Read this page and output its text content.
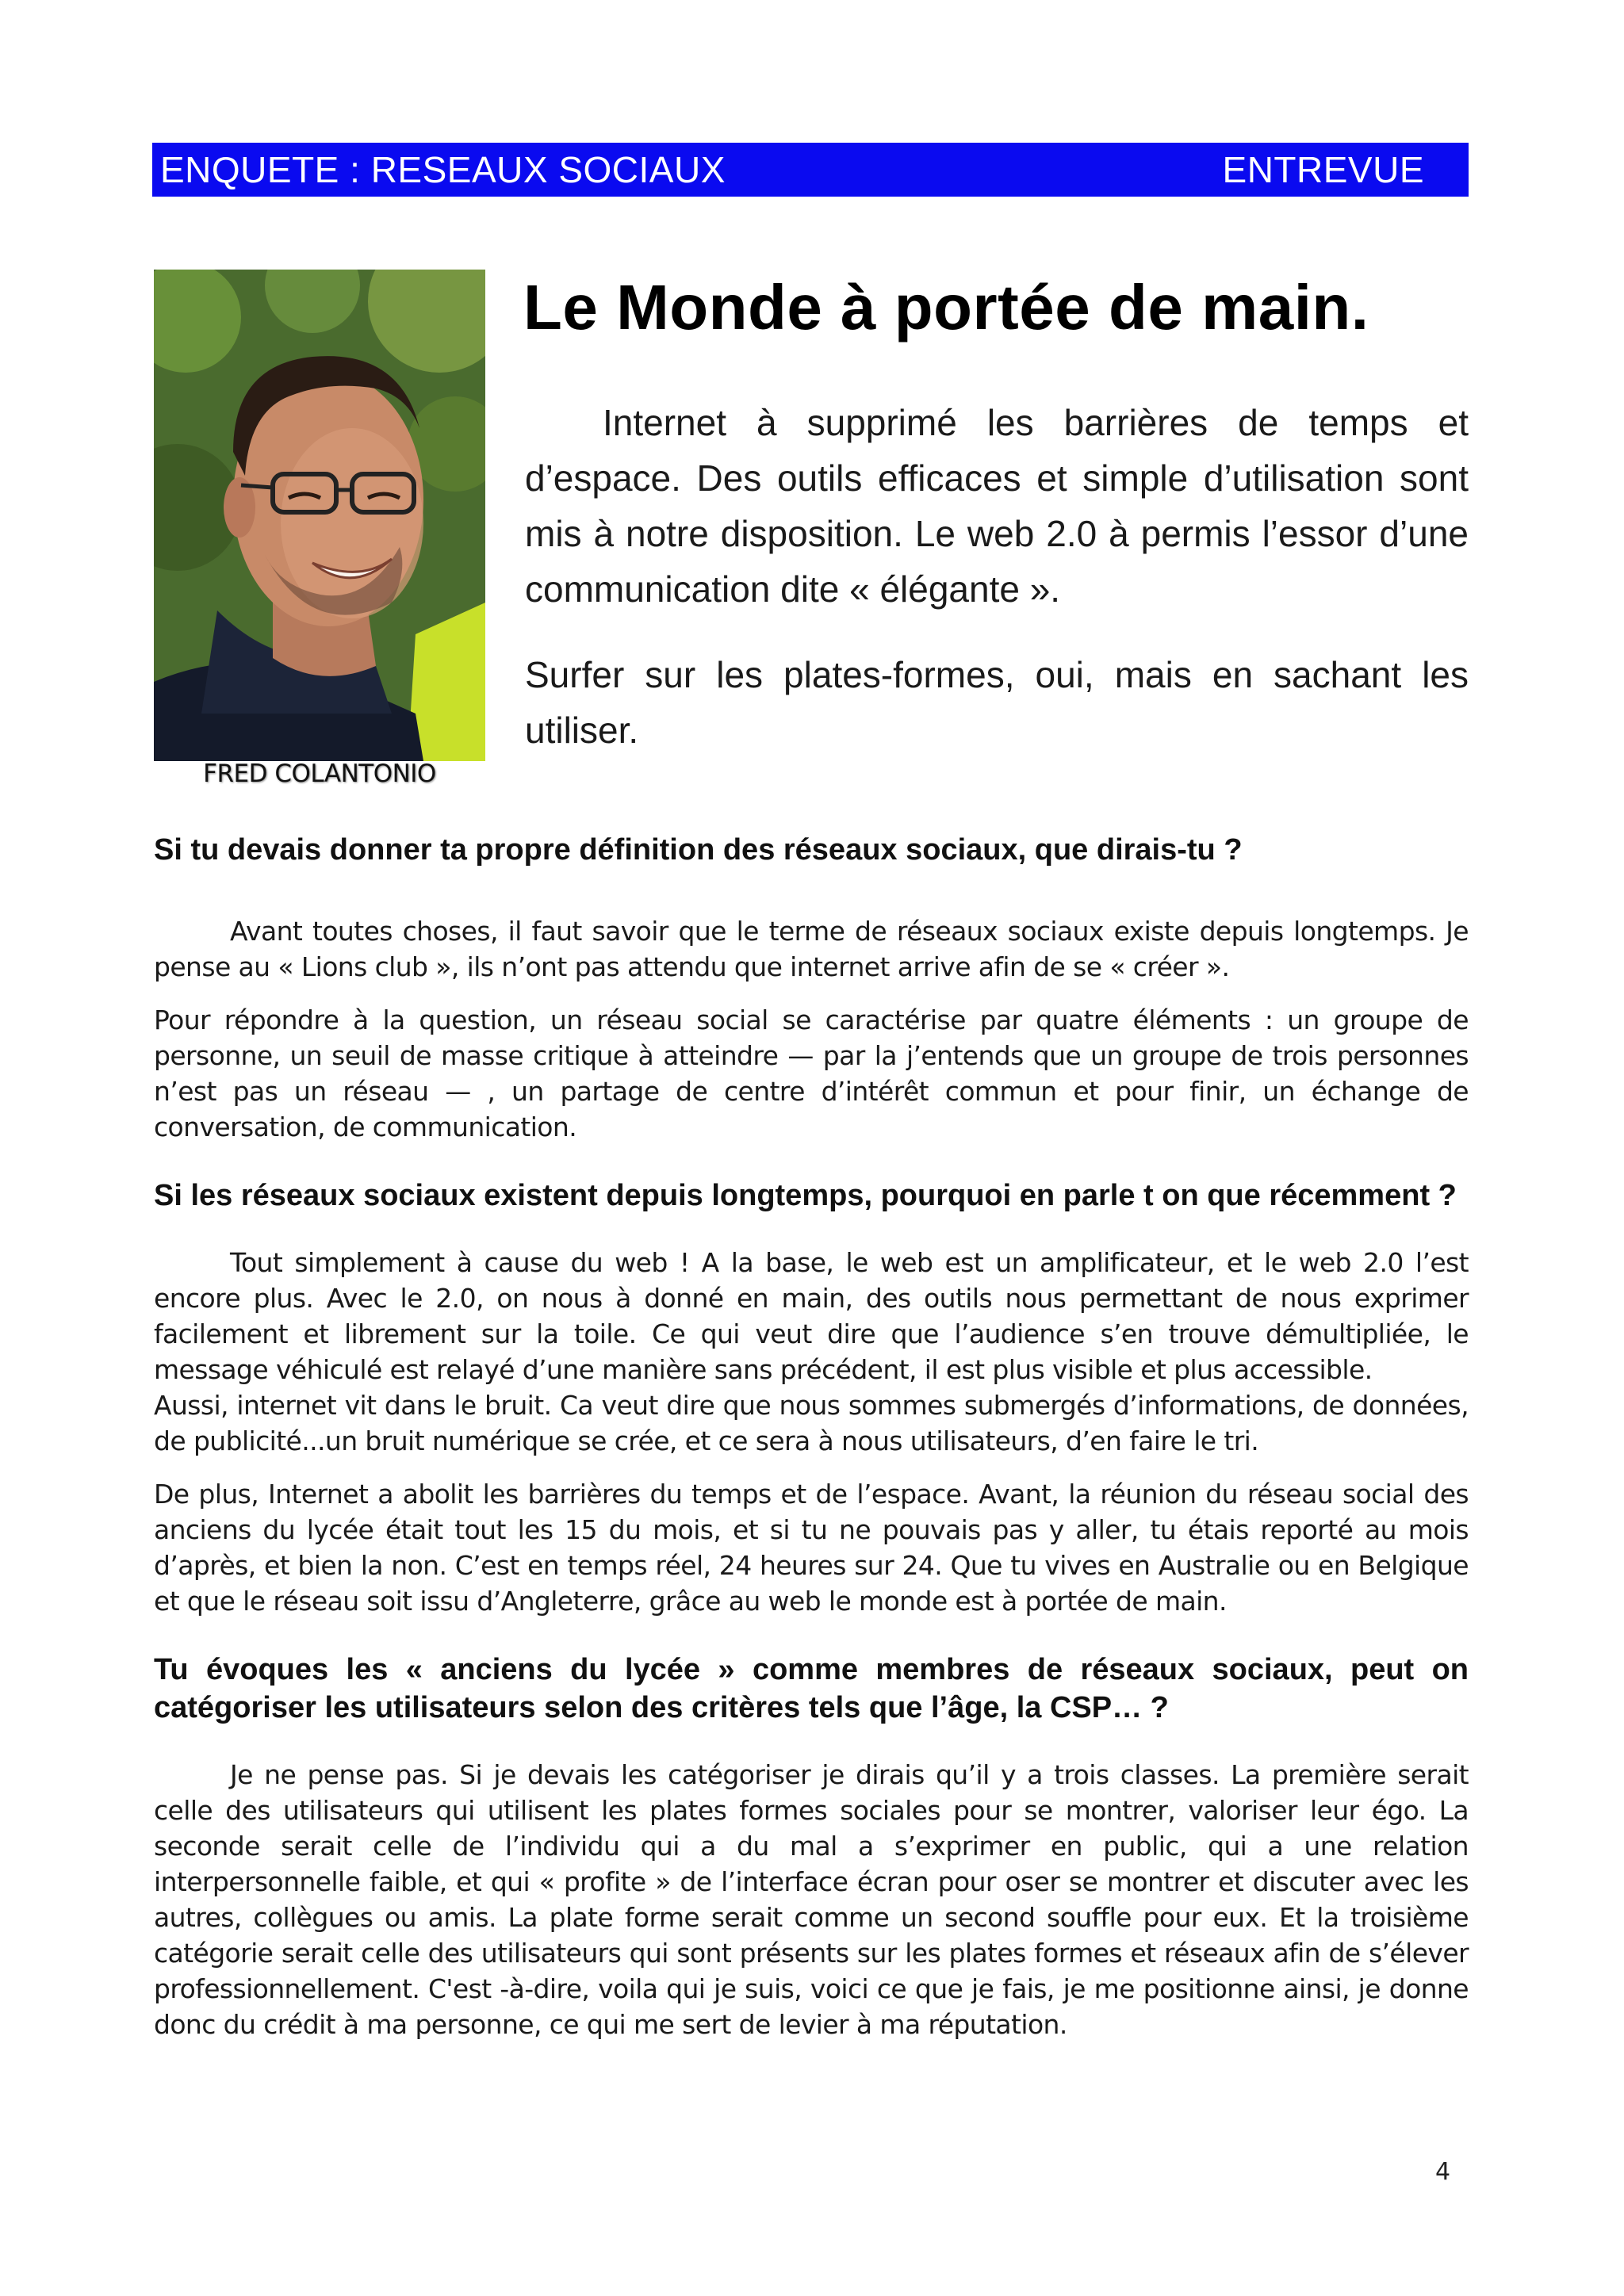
ENQUETE : RESEAUX SOCIAUX	ENTREVUE
FRED COLANTONIO
Le Monde à portée de main.

Internet à supprimé les barrières de temps et d’espace. Des outils efficaces et simple d’utilisation sont mis à notre disposition. Le web 2.0 à permis l’essor d’une communication dite « élégante ».

Surfer sur les plates-formes, oui, mais en sachant les utiliser.

Si tu devais donner ta propre définition des réseaux sociaux, que dirais-tu ?

Avant toutes choses, il faut savoir que le terme de réseaux sociaux existe depuis longtemps. Je pense au « Lions club », ils n’ont pas attendu que internet arrive afin de se « créer ».

Pour répondre à la question, un réseau social se caractérise par quatre éléments : un groupe de personne, un seuil de masse critique à atteindre — par la j’entends que un groupe de trois personnes n’est pas un réseau — , un partage de centre d’intérêt commun et pour finir, un échange de conversation, de communication.

Si les réseaux sociaux existent depuis longtemps, pourquoi en parle t on que récemment ?

Tout simplement à cause du web ! A la base, le web est un amplificateur, et le web 2.0 l’est encore plus. Avec le 2.0, on nous à donné en main, des outils nous permettant de nous exprimer facilement et librement sur la toile. Ce qui veut dire que l’audience s’en trouve démultipliée, le message véhiculé est relayé d’une manière sans précédent, il est plus visible et plus accessible.

Aussi, internet vit dans le bruit. Ca veut dire que nous sommes submergés d’informations, de données, de publicité...un bruit numérique se crée, et ce sera à nous utilisateurs, d’en faire le tri.

De plus, Internet a abolit les barrières du temps et de l’espace. Avant, la réunion du réseau social des anciens du lycée était tout les 15 du mois, et si tu ne pouvais pas y aller, tu étais reporté au mois d’après, et bien la non. C’est en temps réel, 24 heures sur 24. Que tu vives en Australie ou en Belgique et que le réseau soit issu d’Angleterre, grâce au web le monde est à portée de main.

Tu évoques les « anciens du lycée » comme membres de réseaux sociaux, peut on catégoriser les utilisateurs selon des critères tels que l’âge, la CSP… ?

Je ne pense pas. Si je devais les catégoriser je dirais qu’il y a trois classes. La première serait celle des utilisateurs qui utilisent les plates formes sociales pour se montrer, valoriser leur égo. La seconde serait celle de l’individu qui a du mal a s’exprimer en public, qui a une relation interpersonnelle faible, et qui « profite » de l’interface écran pour oser se montrer et discuter avec les autres, collègues ou amis. La plate forme serait comme un second souffle pour eux. Et la troisième catégorie serait celle des utilisateurs qui sont présents sur les plates formes et réseaux afin de s’élever professionnellement. C'est -à-dire, voila qui je suis, voici ce que je fais, je me positionne ainsi, je donne donc du crédit à ma personne, ce qui me sert de levier à ma réputation.

4
